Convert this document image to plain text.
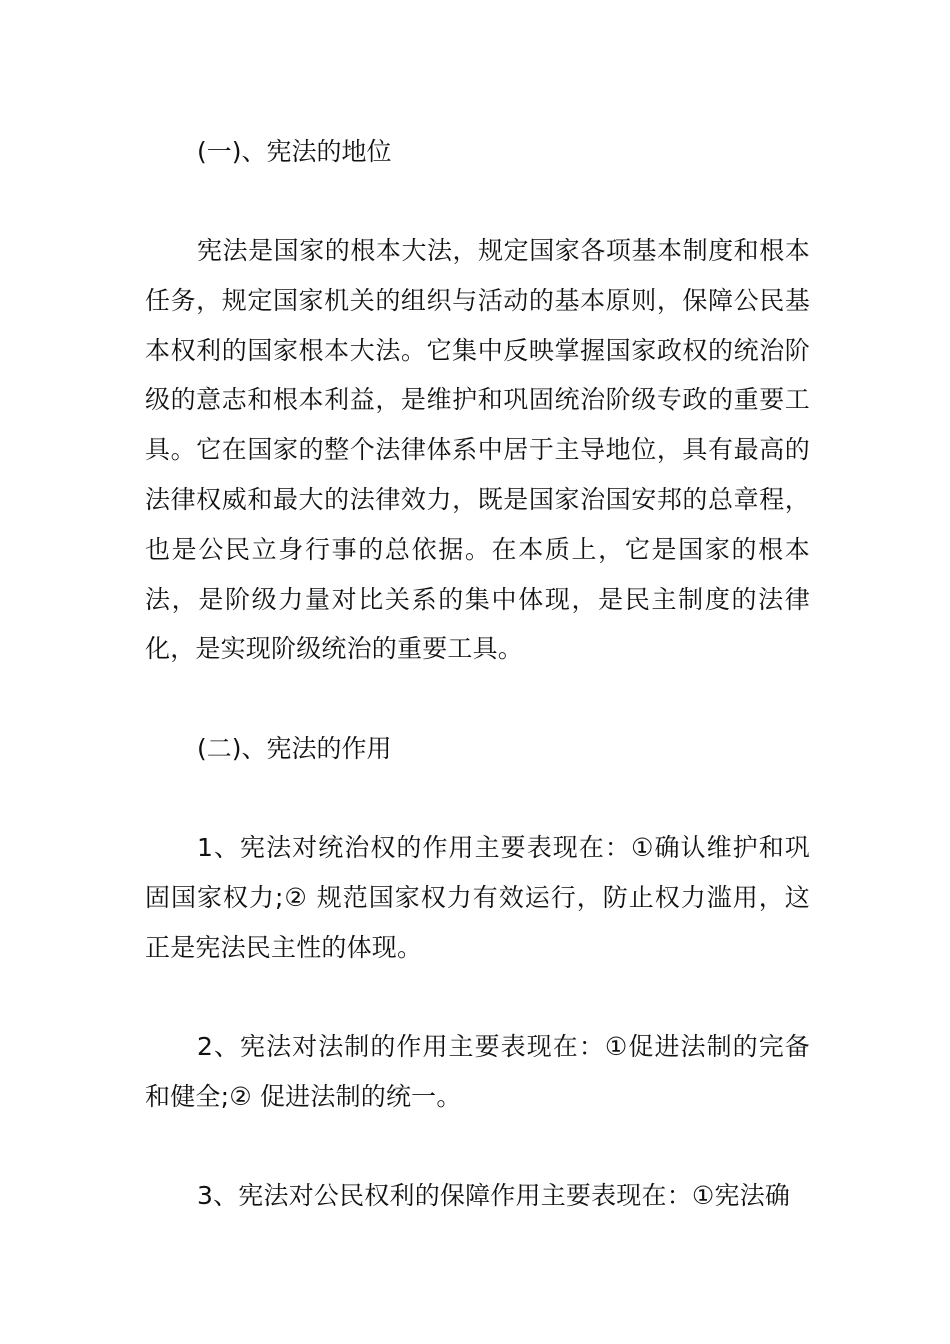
(一)、宪法的地位

宪法是国家的根本大法，规定国家各项基本制度和根本任务，规定国家机关的组织与活动的基本原则，保障公民基本权利的国家根本大法。它集中反映掌握国家政权的统治阶级的意志和根本利益，是维护和巩固统治阶级专政的重要工具。它在国家的整个法律体系中居于主导地位，具有最高的法律权威和最大的法律效力，既是国家治国安邦的总章程，也是公民立身行事的总依据。在本质上，它是国家的根本法，是阶级力量对比关系的集中体现，是民主制度的法律化，是实现阶级统治的重要工具。

(二)、宪法的作用

1、宪法对统治权的作用主要表现在：①确认维护和巩固国家权力;② 规范国家权力有效运行，防止权力滥用，这正是宪法民主性的体现。

2、宪法对法制的作用主要表现在：①促进法制的完备和健全;② 促进法制的统一。

3、宪法对公民权利的保障作用主要表现在：①宪法确
